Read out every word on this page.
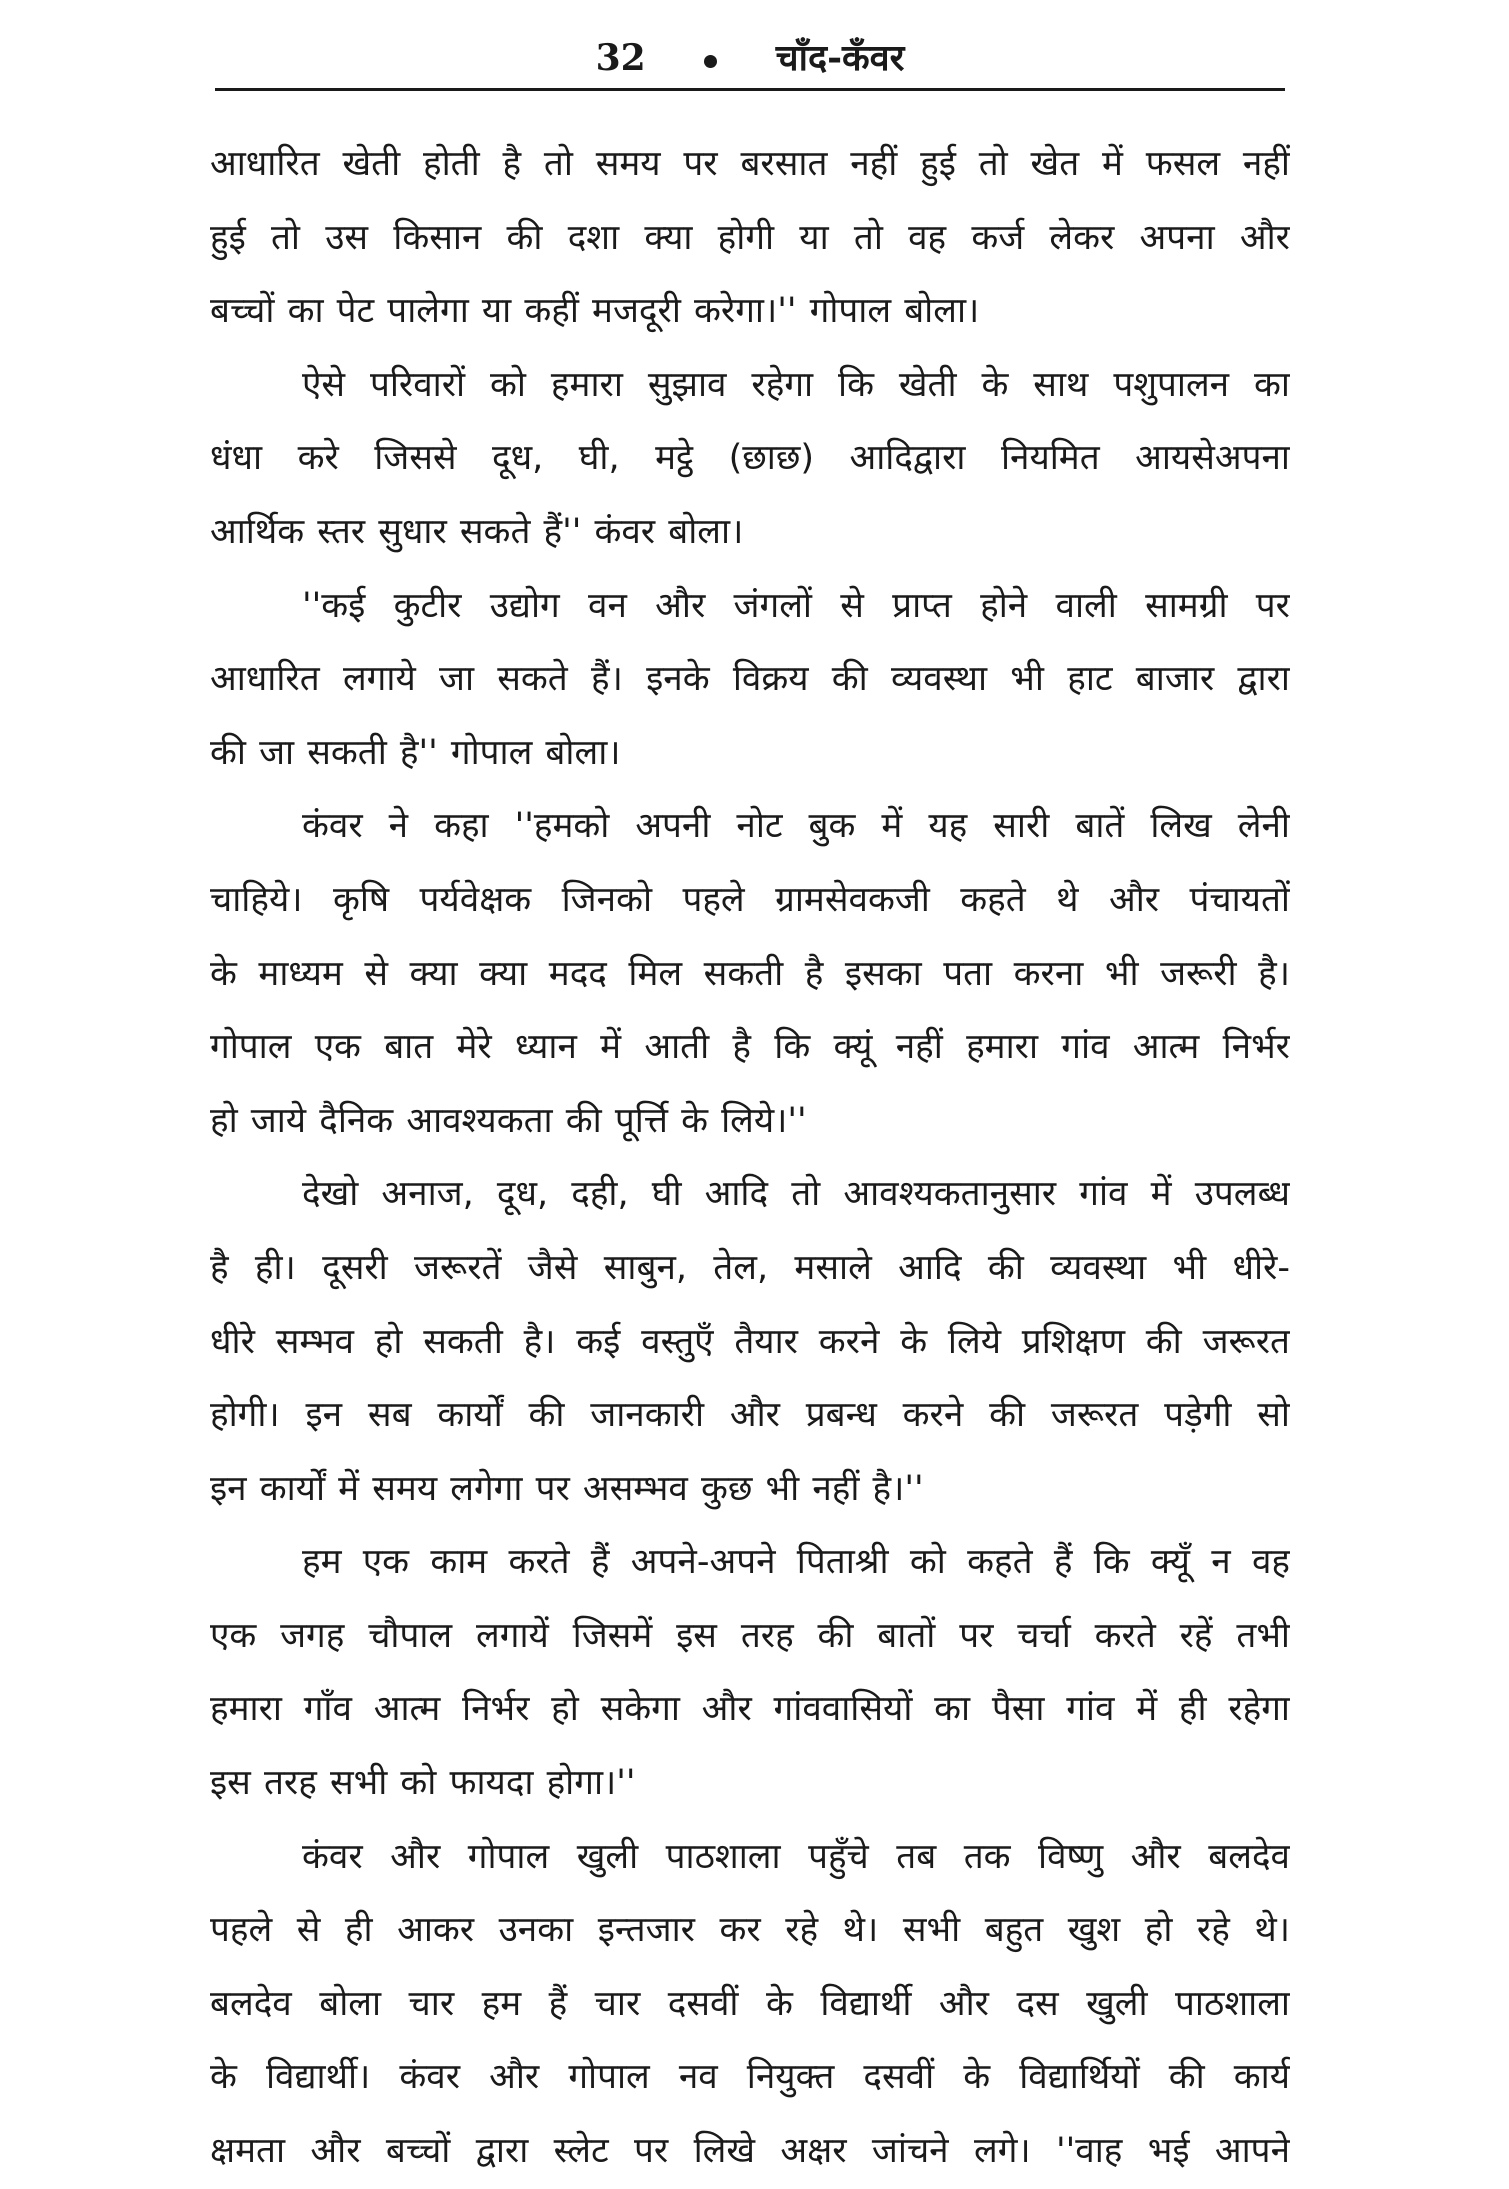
32	चाँद-कँवर
आधारित खेती होती है तो समय पर बरसात नहीं हुई तो खेत में फसल नहीं
हुई तो उस किसान की दशा क्या होगी या तो वह कर्ज लेकर अपना और
बच्चों का पेट पालेगा या कहीं मजदूरी करेगा।'' गोपाल बोला।
ऐसे परिवारों को हमारा सुझाव रहेगा कि खेती के साथ पशुपालन का
धंधा करे जिससे दूध, घी, मट्ठे (छाछ) आदिद्वारा नियमित आयसेअपना
आर्थिक स्तर सुधार सकते हैं'' कंवर बोला।
''कई कुटीर उद्योग वन और जंगलों से प्राप्त होने वाली सामग्री पर
आधारित लगाये जा सकते हैं। इनके विक्रय की व्यवस्था भी हाट बाजार द्वारा
की जा सकती है'' गोपाल बोला।
कंवर ने कहा ''हमको अपनी नोट बुक में यह सारी बातें लिख लेनी
चाहिये। कृषि पर्यवेक्षक जिनको पहले ग्रामसेवकजी कहते थे और पंचायतों
के माध्यम से क्या क्या मदद मिल सकती है इसका पता करना भी जरूरी है।
गोपाल एक बात मेरे ध्यान में आती है कि क्यूं नहीं हमारा गांव आत्म निर्भर
हो जाये दैनिक आवश्यकता की पूर्त्ति के लिये।''
देखो अनाज, दूध, दही, घी आदि तो आवश्यकतानुसार गांव में उपलब्ध
है ही। दूसरी जरूरतें जैसे साबुन, तेल, मसाले आदि की व्यवस्था भी धीरे-
धीरे सम्भव हो सकती है। कई वस्तुएँ तैयार करने के लिये प्रशिक्षण की जरूरत
होगी। इन सब कार्यों की जानकारी और प्रबन्ध करने की जरूरत पड़ेगी सो
इन कार्यों में समय लगेगा पर असम्भव कुछ भी नहीं है।''
हम एक काम करते हैं अपने-अपने पिताश्री को कहते हैं कि क्यूँ न वह
एक जगह चौपाल लगायें जिसमें इस तरह की बातों पर चर्चा करते रहें तभी
हमारा गाँव आत्म निर्भर हो सकेगा और गांववासियों का पैसा गांव में ही रहेगा
इस तरह सभी को फायदा होगा।''
कंवर और गोपाल खुली पाठशाला पहुँचे तब तक विष्णु और बलदेव
पहले से ही आकर उनका इन्तजार कर रहे थे। सभी बहुत खुश हो रहे थे।
बलदेव बोला चार हम हैं चार दसवीं के विद्यार्थी और दस खुली पाठशाला
के विद्यार्थी। कंवर और गोपाल नव नियुक्त दसवीं के विद्यार्थियों की कार्य
क्षमता और बच्चों द्वारा स्लेट पर लिखे अक्षर जांचने लगे। ''वाह भई आपने
